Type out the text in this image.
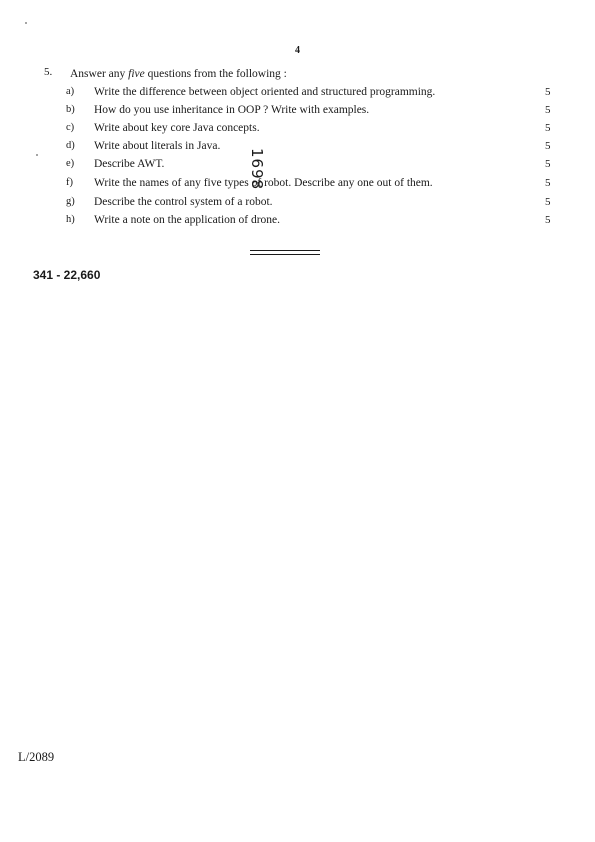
4
5. Answer any five questions from the following :
a) Write the difference between object oriented and structured programming.	5
b) How do you use inheritance in OOP ? Write with examples.	5
c) Write about key core Java concepts.	5
d) Write about literals in Java.	5
e) Describe AWT.	5
f) Write the names of any five types of robot. Describe any one out of them.	5
g) Describe the control system of a robot.	5
h) Write a note on the application of drone.	5
1698
341 - 22,660
L/2089
